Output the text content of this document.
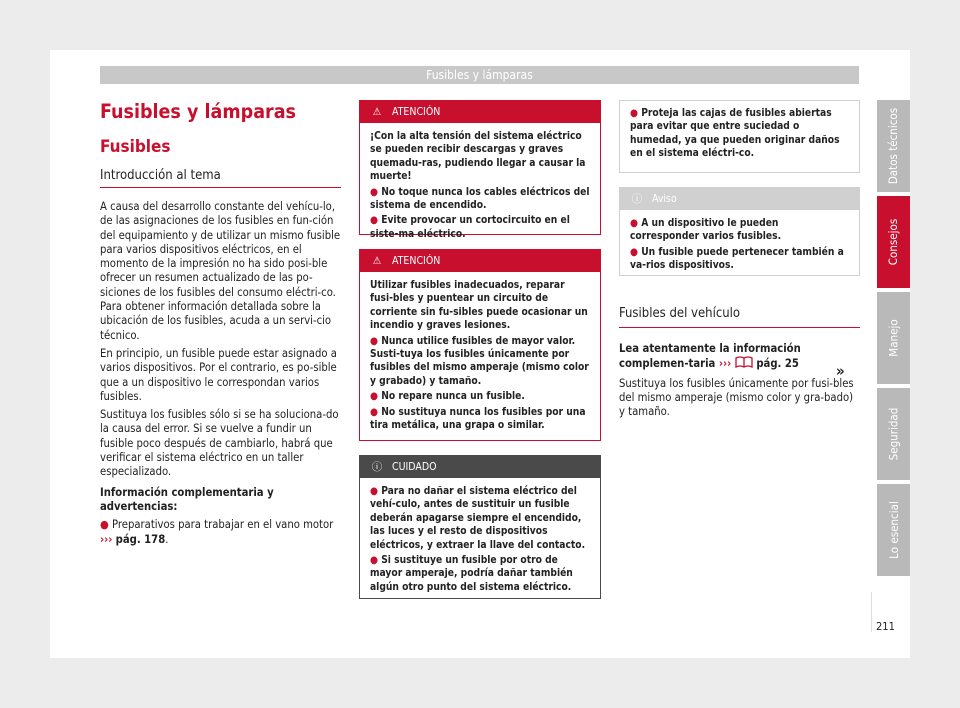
Fusibles y lámparas
Fusibles y lámparas
Fusibles
Introducción al tema

A causa del desarrollo constante del vehícu-lo, de las asignaciones de los fusibles en fun-ción del equipamiento y de utilizar un mismo fusible para varios dispositivos eléctricos, en el momento de la impresión no ha sido posi-ble ofrecer un resumen actualizado de las po-siciones de los fusibles del consumo eléctri-co. Para obtener información detallada sobre la ubicación de los fusibles, acuda a un servi-cio técnico.

En principio, un fusible puede estar asignado a varios dispositivos. Por el contrario, es po-sible que a un dispositivo le correspondan varios fusibles.

Sustituya los fusibles sólo si se ha soluciona-do la causa del error. Si se vuelve a fundir un fusible poco después de cambiarlo, habrá que verificar el sistema eléctrico en un taller especializado.

Información complementaria y advertencias:

● Preparativos para trabajar en el vano motor
››› pág. 178.

⚠ ATENCIÓN
¡Con la alta tensión del sistema eléctrico se pueden recibir descargas y graves quemadu-ras, pudiendo llegar a causar la muerte!
● No toque nunca los cables eléctricos del sistema de encendido.
● Evite provocar un cortocircuito en el siste-ma eléctrico.
⚠ ATENCIÓN
Utilizar fusibles inadecuados, reparar fusi-bles y puentear un circuito de corriente sin fu-sibles puede ocasionar un incendio y graves lesiones.
● Nunca utilice fusibles de mayor valor. Susti-tuya los fusibles únicamente por fusibles del mismo amperaje (mismo color y grabado) y tamaño.
● No repare nunca un fusible.
● No sustituya nunca los fusibles por una tira metálica, una grapa o similar.
ⓘ CUIDADO
● Para no dañar el sistema eléctrico del vehí-culo, antes de sustituir un fusible deberán apagarse siempre el encendido, las luces y el resto de dispositivos eléctricos, y extraer la llave del contacto.
● Si sustituye un fusible por otro de mayor amperaje, podría dañar también algún otro punto del sistema eléctrico.
● Proteja las cajas de fusibles abiertas para evitar que entre suciedad o humedad, ya que pueden originar daños en el sistema eléctri-co.
ⓘ Aviso
● A un dispositivo le pueden corresponder varios fusibles.
● Un fusible puede pertenecer también a va-rios dispositivos.
Fusibles del vehículo

Lea atentamente la información complemen-taria ››› pág. 25

Sustituya los fusibles únicamente por fusi-bles del mismo amperaje (mismo color y gra-bado) y tamaño.

»
Datos técnicos
Consejos
Manejo
Seguridad
Lo esencial
211
